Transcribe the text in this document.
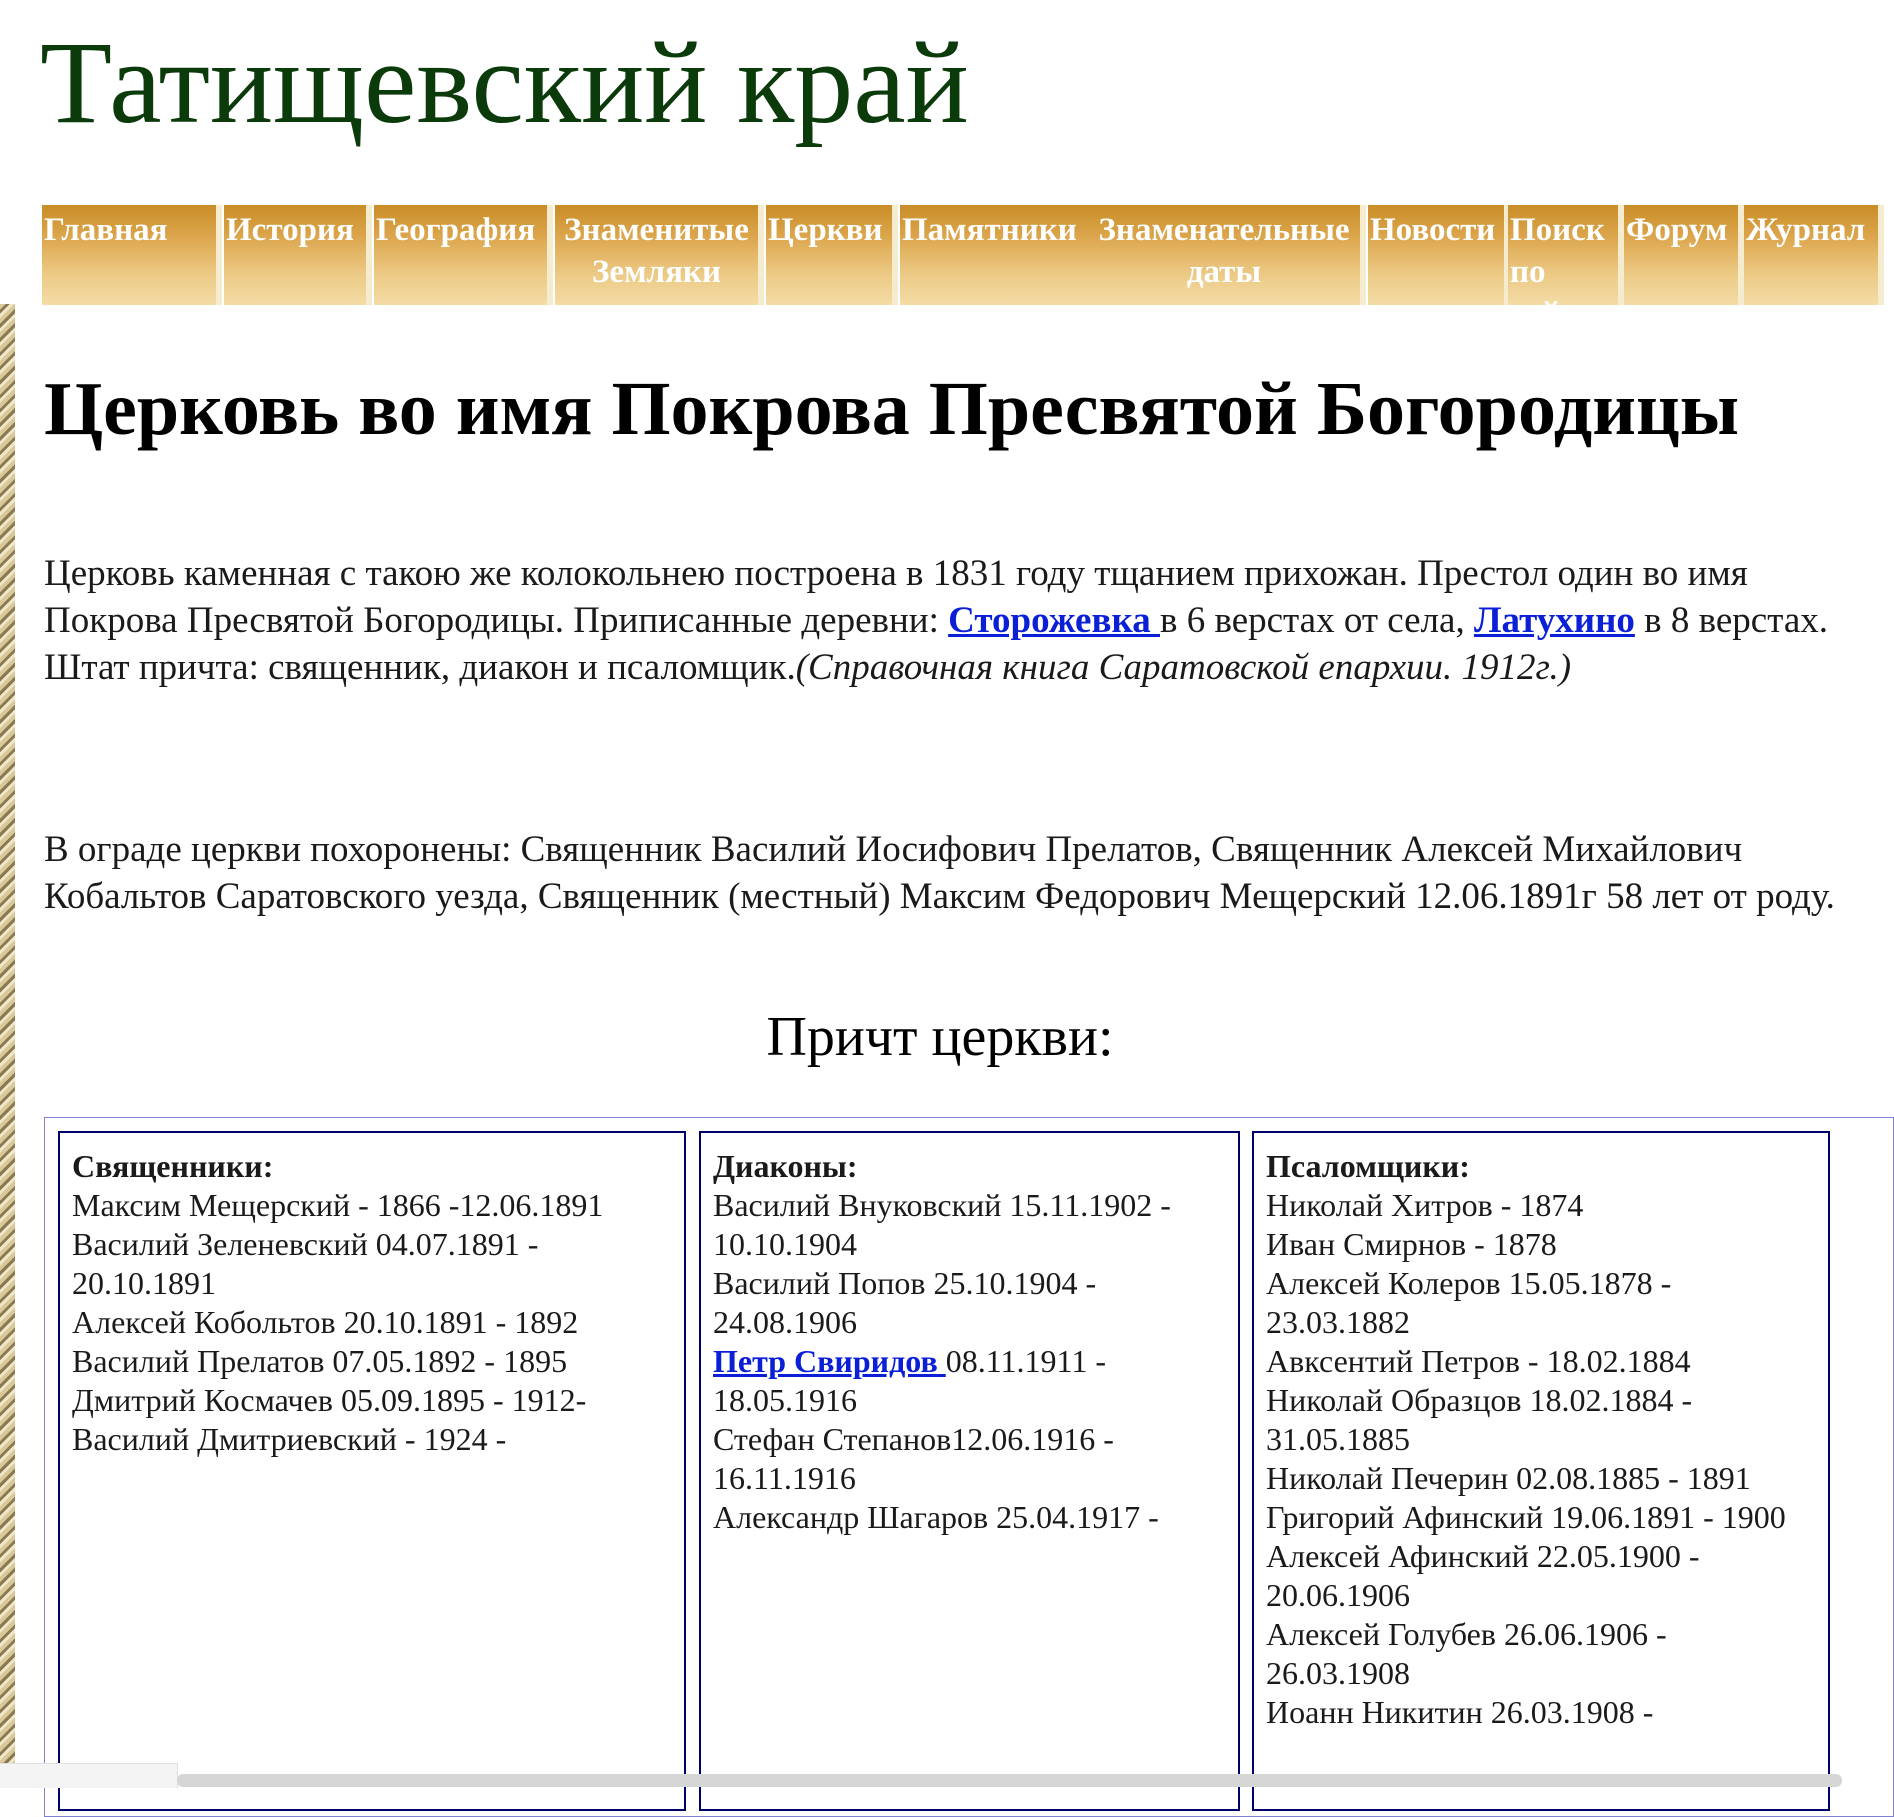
Татищевский край
Главная	История География Знаменитые Земляки
Церкви Памятники Знаменательные даты
Новости Поиск по сайту
Форум Журнал
Церковь во имя Покрова Пресвятой Богородицы

Церковь каменная с такою же колокольнею построена в 1831 году тщанием прихожан. Престол один во имя Покрова Пресвятой Богородицы. Приписанные деревни: Сторожевка в 6 верстах от села, Латухино в 8 верстах. Штат причта: священник, диакон и псаломщик.(Справочная книга Саратовской епархии. 1912г.)

В ограде церкви похоронены: Священник Василий Иосифович Прелатов, Священник Алексей Михайлович Кобальтов Саратовского уезда, Священник (местный) Максим Федорович Мещерский 12.06.1891г 58 лет от роду.

Причт церкви:
Священники:
Максим Мещерский - 1866 -12.06.1891
Василий Зеленевский 04.07.1891 - 20.10.1891
Алексей Кобольтов 20.10.1891 - 1892
Василий Прелатов 07.05.1892 - 1895
Дмитрий Космачев 05.09.1895 - 1912-
Василий Дмитриевский - 1924 -
Диаконы:
Василий Внуковский 15.11.1902 - 10.10.1904
Василий Попов 25.10.1904 - 24.08.1906
Петр Свиридов 08.11.1911 - 18.05.1916
Стефан Степанов12.06.1916 - 16.11.1916
Александр Шагаров 25.04.1917 -
Псаломщики:
Николай Хитров - 1874
Иван Смирнов - 1878
Алексей Колеров 15.05.1878 - 23.03.1882
Авксентий Петров - 18.02.1884
Николай Образцов 18.02.1884 - 31.05.1885
Николай Печерин 02.08.1885 - 1891
Григорий Афинский 19.06.1891 - 1900
Алексей Афинский 22.05.1900 - 20.06.1906
Алексей Голубев 26.06.1906 - 26.03.1908
Иоанн Никитин 26.03.1908 -
